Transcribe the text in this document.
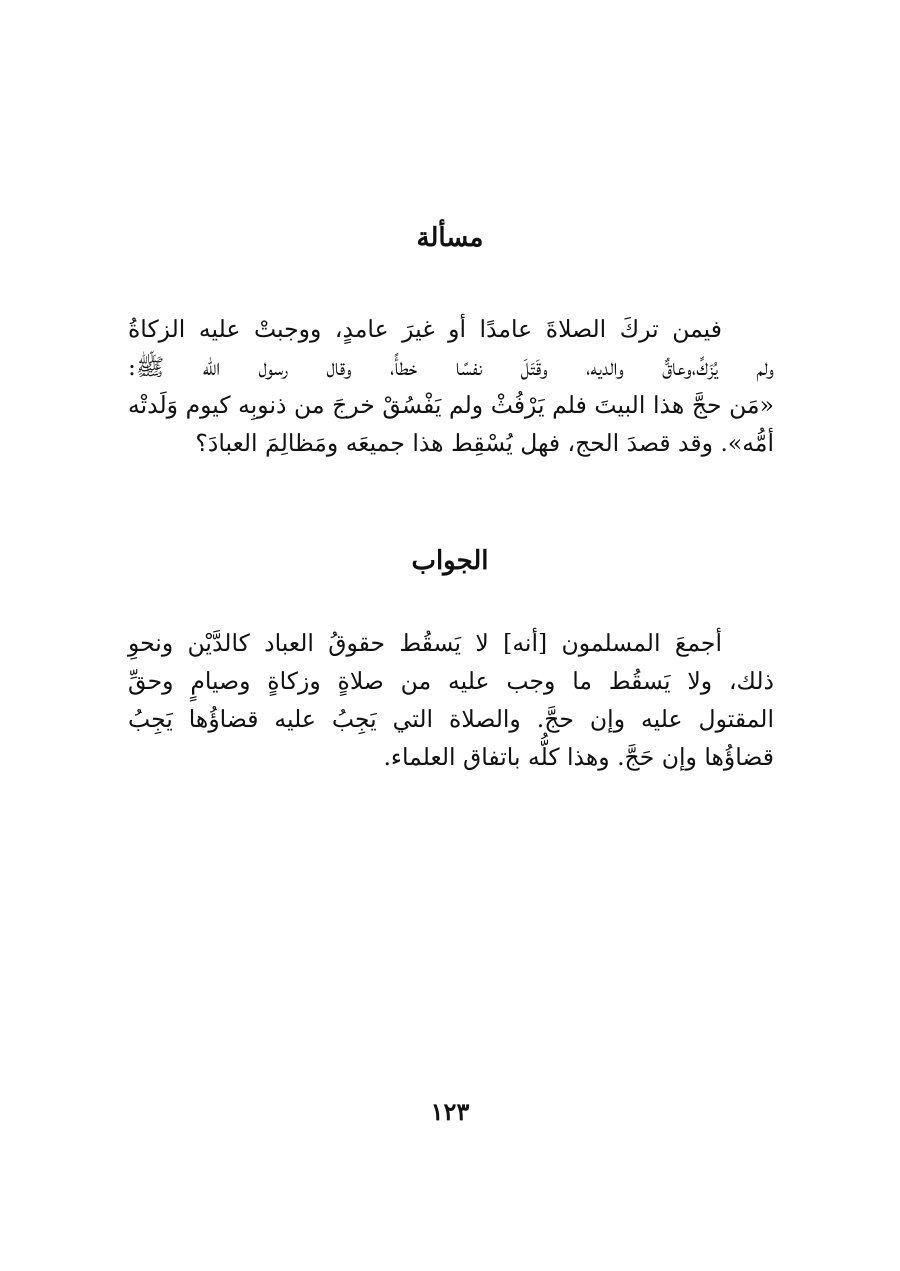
مسألة
فيمن تركَ الصلاةَ عامدًا أو غيرَ عامدٍ، ووجبتْ عليه الزكاةُ
ولم يُزَكِّ،وعاقٌّ والديه، وقَتَلَ نفسًا خطأً، وقال رسول الله ﷺ:
«مَن حجَّ هذا البيتَ فلم يَرْفُثْ ولم يَفْسُقْ خرجَ من ذنوبِه كيوم وَلَدتْه
أمُّه». وقد قصدَ الحج، فهل يُسْقِط هذا جميعَه ومَظالِمَ العبادَ؟
الجواب
أجمعَ المسلمون [أنه] لا يَسقُط حقوقُ العباد كالدَّيْن ونحوِ
ذلك، ولا يَسقُط ما وجب عليه من صلاةٍ وزكاةٍ وصيامٍ وحقِّ
المقتول عليه وإن حجَّ. والصلاة التي يَجِبُ عليه قضاؤُها يَجِبُ
قضاؤُها وإن حَجَّ. وهذا كلُّه باتفاق العلماء.
١٢٣
